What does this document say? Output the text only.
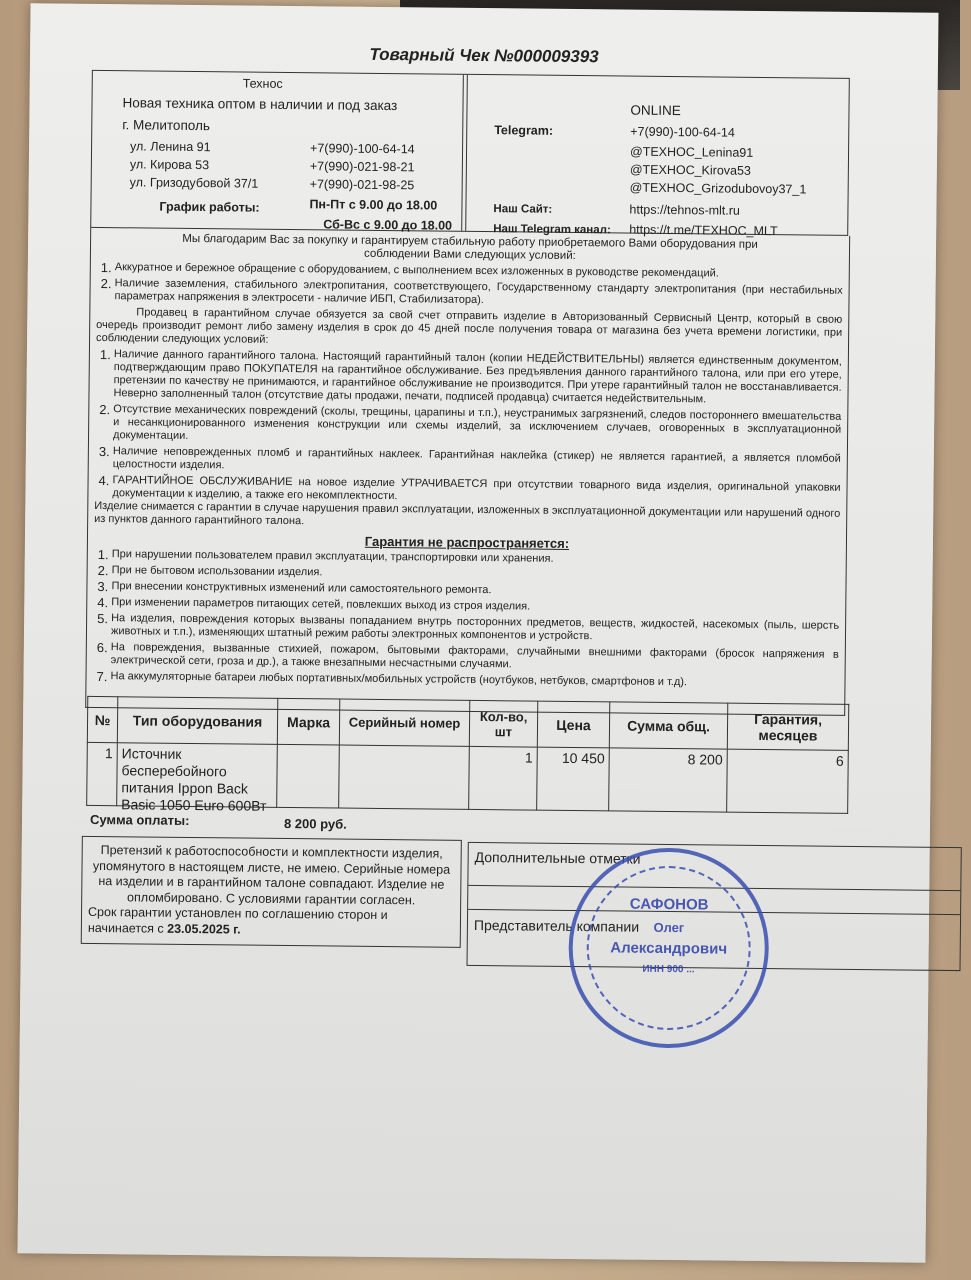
Товарный Чек №000009393
Технос
Новая техника оптом в наличии и под заказ
г. Мелитополь
ул. Ленина 91	+7(990)-100-64-14
ул. Кирова 53	+7(990)-021-98-21
ул. Гризодубовой 37/1	+7(990)-021-98-25
График работы:	Пн-Пт с 9.00 до 18.00
Сб-Вс с 9.00 до 18.00
ONLINE
Telegram:	+7(990)-100-64-14
@ТЕХНОС_Lenina91
@ТЕХНОС_Kirova53
@ТЕХНОС_Grizodubovoy37_1
Наш Сайт:	https://tehnos-mlt.ru
Наш Telegram канал: https://t.me/ТЕХНОС_MLT

Мы благодарим Вас за покупку и гарантируем стабильную работу приобретаемого Вами оборудования при соблюдении Вами следующих условий:

1. Аккуратное и бережное обращение с оборудованием, с выполнением всех изложенных в руководстве рекомендаций.
2. Наличие заземления, стабильного электропитания, соответствующего, Государственному стандарту электропитания (при нестабильных параметрах напряжения в электросети - наличие ИБП, Стабилизатора).

Продавец в гарантийном случае обязуется за свой счет отправить изделие в Авторизованный Сервисный Центр, который в свою очередь производит ремонт либо замену изделия в срок до 45 дней после получения товара от магазина без учета времени логистики, при соблюдении следующих условий:

1. Наличие данного гарантийного талона. Настоящий гарантийный талон (копии НЕДЕЙСТВИТЕЛЬНЫ) является единственным документом, подтверждающим право ПОКУПАТЕЛЯ на гарантийное обслуживание. Без предъявления данного гарантийного талона, или при его утере, претензии по качеству не принимаются, и гарантийное обслуживание не производится. При утере гарантийный талон не восстанавливается. Неверно заполненный талон (отсутствие даты продажи, печати, подписей продавца) считается недействительным.
2. Отсутствие механических повреждений (сколы, трещины, царапины и т.п.), неустранимых загрязнений, следов постороннего вмешательства и несанкционированного изменения конструкции или схемы изделий, за исключением случаев, оговоренных в эксплуатационной документации.
3. Наличие неповрежденных пломб и гарантийных наклеек. Гарантийная наклейка (стикер) не является гарантией, а является пломбой целостности изделия.
4. ГАРАНТИЙНОЕ ОБСЛУЖИВАНИЕ на новое изделие УТРАЧИВАЕТСЯ при отсутствии товарного вида изделия, оригинальной упаковки документации к изделию, а также его некомплектности.

Изделие снимается с гарантии в случае нарушения правил эксплуатации, изложенных в эксплуатационной документации или нарушений одного из пунктов данного гарантийного талона.

Гарантия не распространяется:

1. При нарушении пользователем правил эксплуатации, транспортировки или хранения.
2. При не бытовом использовании изделия.
3. При внесении конструктивных изменений или самостоятельного ремонта.
4. При изменении параметров питающих сетей, повлекших выход из строя изделия.
5. На изделия, повреждения которых вызваны попаданием внутрь посторонних предметов, веществ, жидкостей, насекомых (пыль, шерсть животных и т.п.), изменяющих штатный режим работы электронных компонентов и устройств.
6. На повреждения, вызванные стихией, пожаром, бытовыми факторами, случайными внешними факторами (бросок напряжения в электрической сети, гроза и др.), а также внезапными несчастными случаями.
7. На аккумуляторные батареи любых портативных/мобильных устройств (ноутбуков, нетбуков, смартфонов и т.д).
№	Тип оборудования	Марка	Серийный номер	Кол-во, шт	Цена	Сумма общ.	Гарантия, месяцев
1	Источник бесперебойного питания Ippon Back Basic 1050 Euro 600Вт			1	10 450	8 200	6
Сумма оплаты:	8 200 руб.
Претензий к работоспособности и комплектности изделия, упомянутого в настоящем листе, не имею. Серийные номера на изделии и в гарантийном талоне совпадают. Изделие не опломбировано. С условиями гарантии согласен.
Срок гарантии установлен по соглашению сторон и начинается с 23.05.2025 г.
Дополнительные отметки
Представитель компании
САФОНОВ
Олег
Александрович
ИНН 900 ...
